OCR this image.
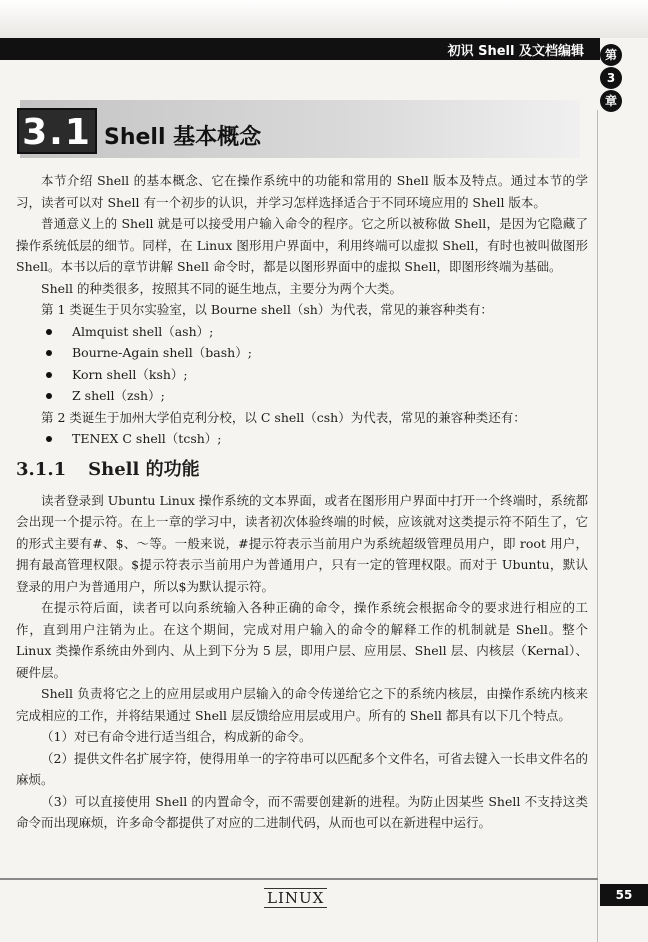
初识 Shell 及文档编辑	第
3
章
3.1 Shell 基本概念

本节介绍 Shell 的基本概念、它在操作系统中的功能和常用的 Shell 版本及特点。通过本节的学习，读者可以对 Shell 有一个初步的认识，并学习怎样选择适合于不同环境应用的 Shell 版本。

普通意义上的 Shell 就是可以接受用户输入命令的程序。它之所以被称做 Shell，是因为它隐藏了操作系统低层的细节。同样，在 Linux 图形用户界面中，利用终端可以虚拟 Shell，有时也被叫做图形 Shell。本书以后的章节讲解 Shell 命令时，都是以图形界面中的虚拟 Shell，即图形终端为基础。

Shell 的种类很多，按照其不同的诞生地点，主要分为两个大类。

第 1 类诞生于贝尔实验室，以 Bourne shell（sh）为代表，常见的兼容种类有：

Almquist shell（ash）;
Bourne-Again shell（bash）;
Korn shell（ksh）;
Z shell（zsh）;

第 2 类诞生于加州大学伯克利分校，以 C shell（csh）为代表，常见的兼容种类还有：

TENEX C shell（tcsh）;
3.1.1 Shell 的功能

读者登录到 Ubuntu Linux 操作系统的文本界面，或者在图形用户界面中打开一个终端时，系统都会出现一个提示符。在上一章的学习中，读者初次体验终端的时候，应该就对这类提示符不陌生了，它的形式主要有#、$、～等。一般来说，#提示符表示当前用户为系统超级管理员用户，即 root 用户，拥有最高管理权限。$提示符表示当前用户为普通用户，只有一定的管理权限。而对于 Ubuntu，默认登录的用户为普通用户，所以$为默认提示符。

在提示符后面，读者可以向系统输入各种正确的命令，操作系统会根据命令的要求进行相应的工作，直到用户注销为止。在这个期间，完成对用户输入的命令的解释工作的机制就是 Shell。整个 Linux 类操作系统由外到内、从上到下分为 5 层，即用户层、应用层、Shell 层、内核层（Kernal）、硬件层。

Shell 负责将它之上的应用层或用户层输入的命令传递给它之下的系统内核层，由操作系统内核来完成相应的工作，并将结果通过 Shell 层反馈给应用层或用户。所有的 Shell 都具有以下几个特点。

（1）对已有命令进行适当组合，构成新的命令。

（2）提供文件名扩展字符，使得用单一的字符串可以匹配多个文件名，可省去键入一长串文件名的麻烦。

（3）可以直接使用 Shell 的内置命令，而不需要创建新的进程。为防止因某些 Shell 不支持这类命令而出现麻烦，许多命令都提供了对应的二进制代码，从而也可以在新进程中运行。

LINUX	55
